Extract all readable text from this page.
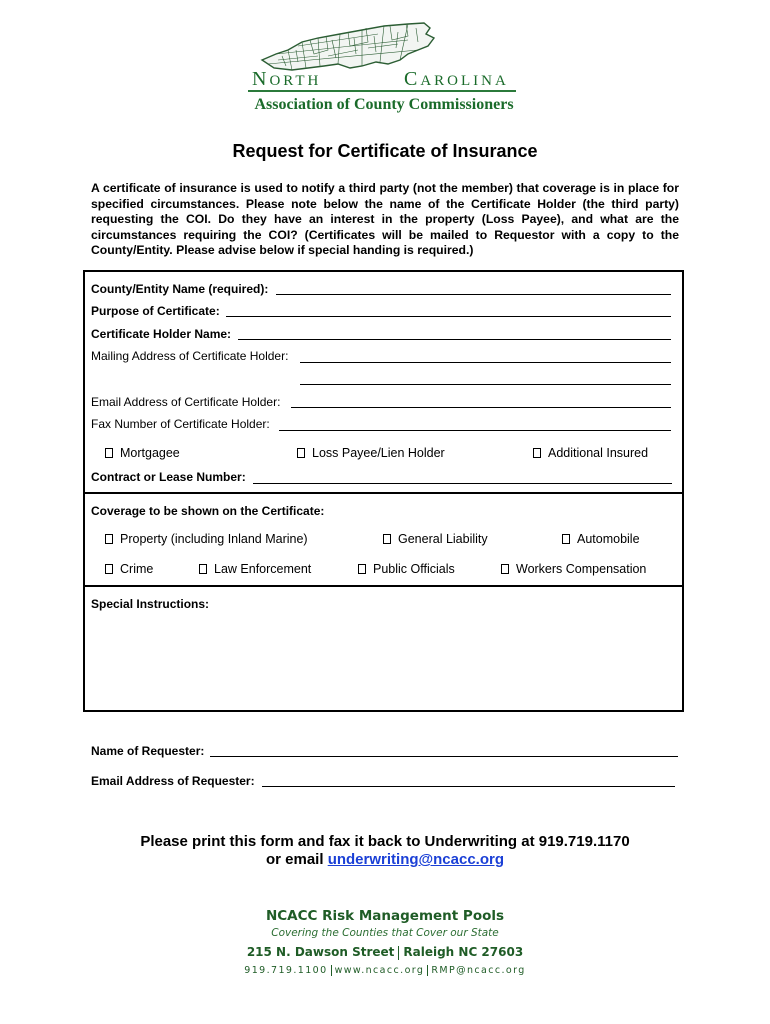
NORTH	CAROLINA
Association of County Commissioners
Request for Certificate of Insurance
A certificate of insurance is used to notify a third party (not the member) that coverage is in place for specified circumstances. Please note below the name of the Certificate Holder (the third party) requesting the COI. Do they have an interest in the property (Loss Payee), and what are the circumstances requiring the COI? (Certificates will be mailed to Requestor with a copy to the County/Entity. Please advise below if special handing is required.)
County/Entity Name (required):
Purpose of Certificate:
Certificate Holder Name:
Mailing Address of Certificate Holder:
Email Address of Certificate Holder:
Fax Number of Certificate Holder:
Mortgagee	Loss Payee/Lien Holder	Additional Insured
Contract or Lease Number:
Coverage to be shown on the Certificate:
Property (including Inland Marine)	General Liability	Automobile
Crime	Law Enforcement	Public Officials	Workers Compensation
Special Instructions:
Name of Requester:
Email Address of Requester:
Please print this form and fax it back to Underwriting at 919.719.1170
or email underwriting@ncacc.org
NCACC Risk Management Pools
Covering the Counties that Cover our State
215 N. Dawson Street Raleigh NC 27603
919.719.1100 www.ncacc.org RMP@ncacc.org
